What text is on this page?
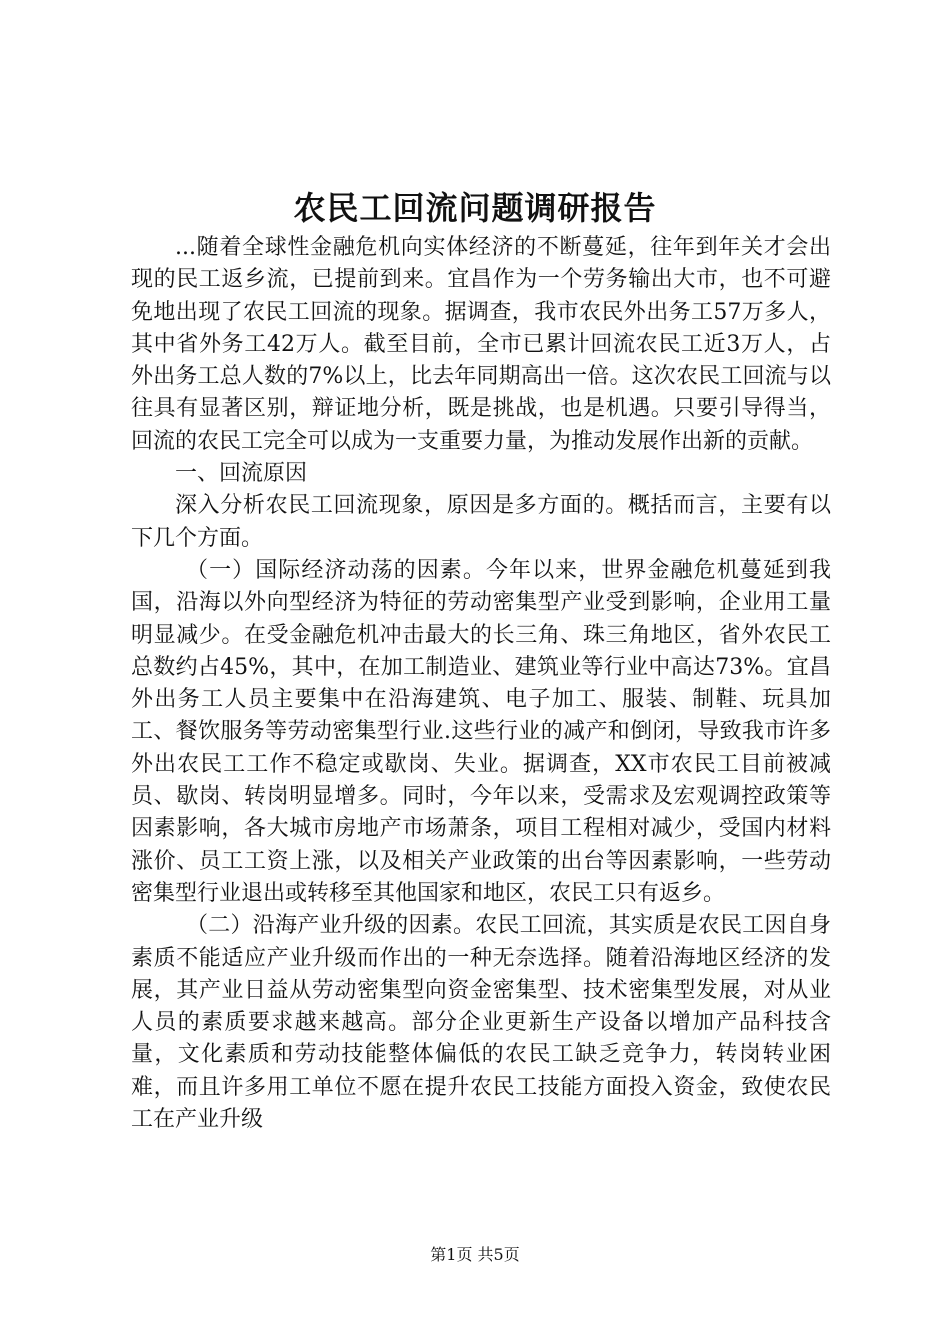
农民工回流问题调研报告

...随着全球性金融危机向实体经济的不断蔓延，往年到年关才会出现的民工返乡流，已提前到来。宜昌作为一个劳务输出大市，也不可避免地出现了农民工回流的现象。据调查，我市农民外出务工57万多人，其中省外务工42万人。截至目前，全市已累计回流农民工近3万人，占外出务工总人数的7%以上，比去年同期高出一倍。这次农民工回流与以往具有显著区别，辩证地分析，既是挑战，也是机遇。只要引导得当，回流的农民工完全可以成为一支重要力量，为推动发展作出新的贡献。

一、回流原因

深入分析农民工回流现象，原因是多方面的。概括而言，主要有以下几个方面。

（一）国际经济动荡的因素。今年以来，世界金融危机蔓延到我国，沿海以外向型经济为特征的劳动密集型产业受到影响，企业用工量明显减少。在受金融危机冲击最大的长三角、珠三角地区，省外农民工总数约占45%，其中，在加工制造业、建筑业等行业中高达73%。宜昌外出务工人员主要集中在沿海建筑、电子加工、服装、制鞋、玩具加工、餐饮服务等劳动密集型行业.这些行业的减产和倒闭，导致我市许多外出农民工工作不稳定或歇岗、失业。据调查，XX市农民工目前被减员、歇岗、转岗明显增多。同时，今年以来，受需求及宏观调控政策等因素影响，各大城市房地产市场萧条，项目工程相对减少，受国内材料涨价、员工工资上涨，以及相关产业政策的出台等因素影响，一些劳动密集型行业退出或转移至其他国家和地区，农民工只有返乡。

（二）沿海产业升级的因素。农民工回流，其实质是农民工因自身素质不能适应产业升级而作出的一种无奈选择。随着沿海地区经济的发展，其产业日益从劳动密集型向资金密集型、技术密集型发展，对从业人员的素质要求越来越高。部分企业更新生产设备以增加产品科技含量，文化素质和劳动技能整体偏低的农民工缺乏竞争力，转岗转业困难，而且许多用工单位不愿在提升农民工技能方面投入资金，致使农民工在产业升级

第1页 共5页
